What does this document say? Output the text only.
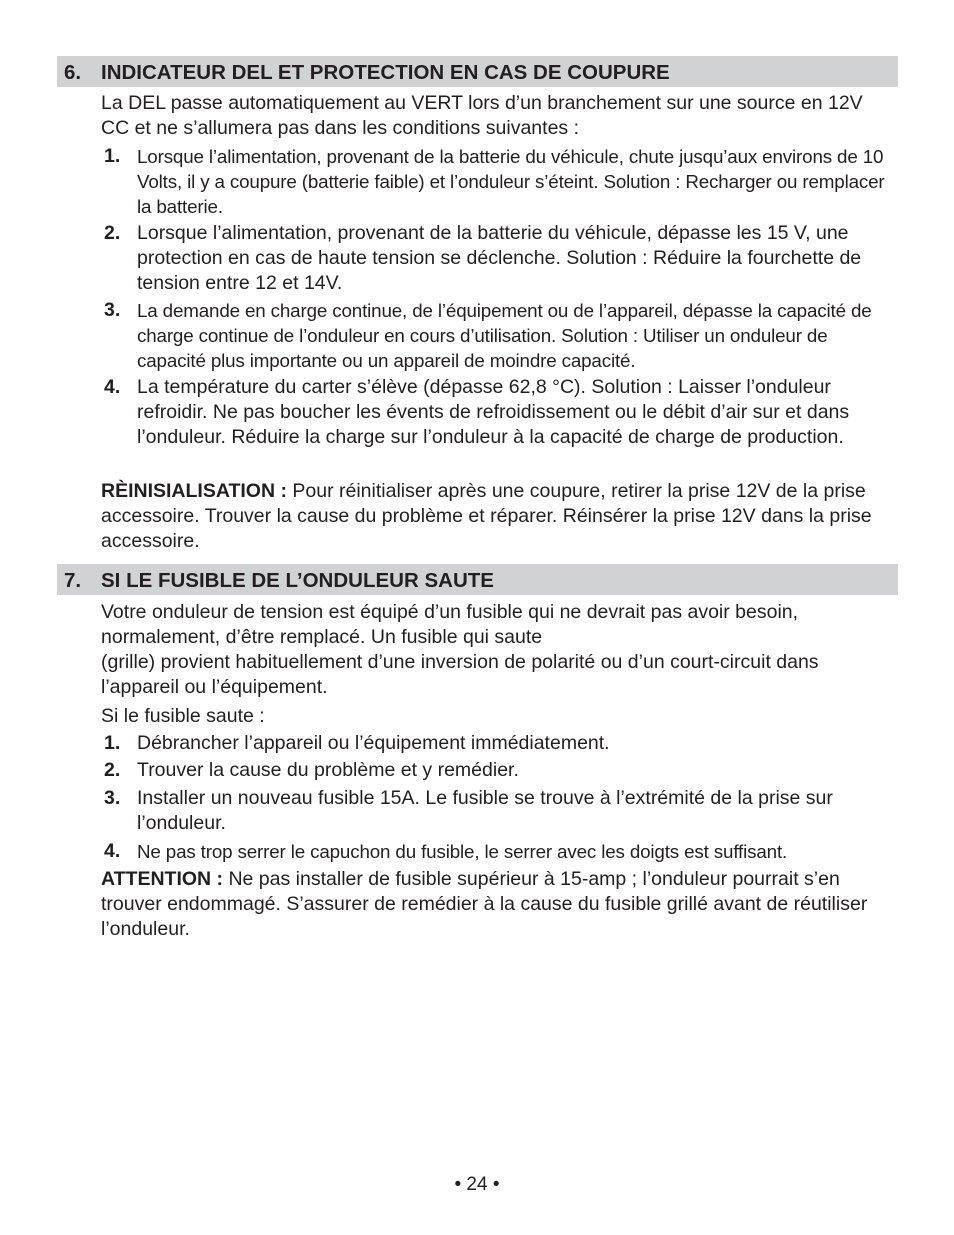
6. INDICATEUR DEL ET PROTECTION EN CAS DE COUPURE

La DEL passe automatiquement au VERT lors d’un branchement sur une source en 12V CC et ne s’allumera pas dans les conditions suivantes :

1. Lorsque l’alimentation, provenant de la batterie du véhicule, chute jusqu’aux environs de 10 Volts, il y a coupure (batterie faible) et l’onduleur s’éteint. Solution : Recharger ou remplacer la batterie.
2. Lorsque l’alimentation, provenant de la batterie du véhicule, dépasse les 15 V, une protection en cas de haute tension se déclenche. Solution : Réduire la fourchette de tension entre 12 et 14V.
3. La demande en charge continue, de l’équipement ou de l’appareil, dépasse la capacité de charge continue de l’onduleur en cours d’utilisation. Solution : Utiliser un onduleur de capacité plus importante ou un appareil de moindre capacité.
4. La température du carter s’élève (dépasse 62,8 °C). Solution : Laisser l’onduleur refroidir. Ne pas boucher les évents de refroidissement ou le débit d’air sur et dans l’onduleur. Réduire la charge sur l’onduleur à la capacité de charge de production.

RÈINISIALISATION : Pour réinitialiser après une coupure, retirer la prise 12V de la prise accessoire. Trouver la cause du problème et réparer. Réinsérer la prise 12V dans la prise accessoire.

7. SI LE FUSIBLE DE L’ONDULEUR SAUTE

Votre onduleur de tension est équipé d’un fusible qui ne devrait pas avoir besoin, normalement, d’être remplacé. Un fusible qui saute

(grille) provient habituellement d’une inversion de polarité ou d’un court-circuit dans l’appareil ou l’équipement.

Si le fusible saute :

1. Débrancher l’appareil ou l’équipement immédiatement.
2. Trouver la cause du problème et y remédier.
3. Installer un nouveau fusible 15A. Le fusible se trouve à l’extrémité de la prise sur l’onduleur.
4. Ne pas trop serrer le capuchon du fusible, le serrer avec les doigts est suffisant.

ATTENTION : Ne pas installer de fusible supérieur à 15-amp ; l’onduleur pourrait s’en trouver endommagé. S’assurer de remédier à la cause du fusible grillé avant de réutiliser l’onduleur.

• 24 •
